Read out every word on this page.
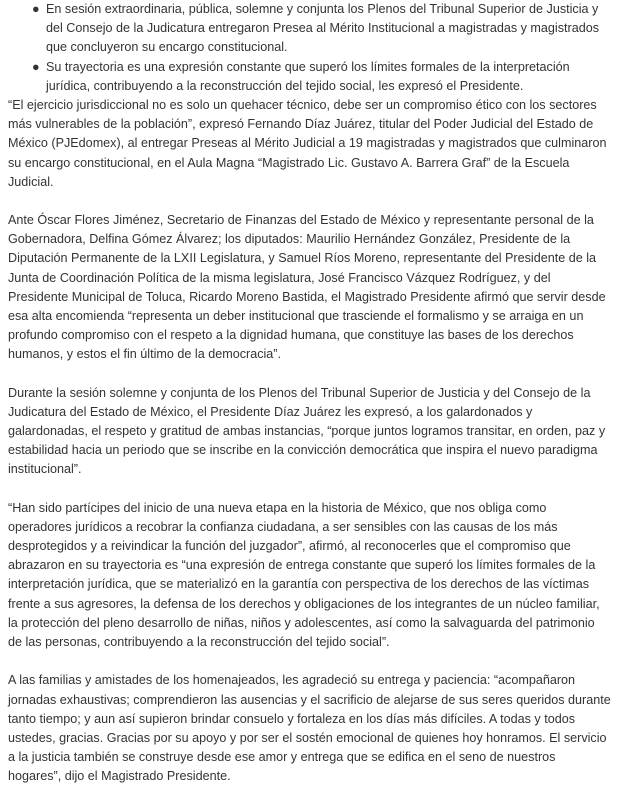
● En sesión extraordinaria, pública, solemne y conjunta los Plenos del Tribunal Superior de Justicia y del Consejo de la Judicatura entregaron Presea al Mérito Institucional a magistradas y magistrados que concluyeron su encargo constitucional.
● Su trayectoria es una expresión constante que superó los límites formales de la interpretación jurídica, contribuyendo a la reconstrucción del tejido social, les expresó el Presidente.

“El ejercicio jurisdiccional no es solo un quehacer técnico, debe ser un compromiso ético con los sectores más vulnerables de la población”, expresó Fernando Díaz Juárez, titular del Poder Judicial del Estado de México (PJEdomex), al entregar Preseas al Mérito Judicial a 19 magistradas y magistrados que culminaron su encargo constitucional, en el Aula Magna “Magistrado Lic. Gustavo A. Barrera Graf” de la Escuela Judicial.

Ante Óscar Flores Jiménez, Secretario de Finanzas del Estado de México y representante personal de la Gobernadora, Delfina Gómez Álvarez; los diputados: Maurilio Hernández González, Presidente de la Diputación Permanente de la LXII Legislatura, y Samuel Ríos Moreno, representante del Presidente de la Junta de Coordinación Política de la misma legislatura, José Francisco Vázquez Rodríguez, y del Presidente Municipal de Toluca, Ricardo Moreno Bastida, el Magistrado Presidente afirmó que servir desde esa alta encomienda “representa un deber institucional que trasciende el formalismo y se arraiga en un profundo compromiso con el respeto a la dignidad humana, que constituye las bases de los derechos humanos, y estos el fin último de la democracia”.

Durante la sesión solemne y conjunta de los Plenos del Tribunal Superior de Justicia y del Consejo de la Judicatura del Estado de México, el Presidente Díaz Juárez les expresó, a los galardonados y galardonadas, el respeto y gratitud de ambas instancias, “porque juntos logramos transitar, en orden, paz y estabilidad hacia un periodo que se inscribe en la convicción democrática que inspira el nuevo paradigma institucional”.

“Han sido partícipes del inicio de una nueva etapa en la historia de México, que nos obliga como operadores jurídicos a recobrar la confianza ciudadana, a ser sensibles con las causas de los más desprotegidos y a reivindicar la función del juzgador”, afirmó, al reconocerles que el compromiso que abrazaron en su trayectoria es “una expresión de entrega constante que superó los límites formales de la interpretación jurídica, que se materializó en la garantía con perspectiva de los derechos de las víctimas frente a sus agresores, la defensa de los derechos y obligaciones de los integrantes de un núcleo familiar, la protección del pleno desarrollo de niñas, niños y adolescentes, así como la salvaguarda del patrimonio de las personas, contribuyendo a la reconstrucción del tejido social”.

A las familias y amistades de los homenajeados, les agradeció su entrega y paciencia: “acompañaron jornadas exhaustivas; comprendieron las ausencias y el sacrificio de alejarse de sus seres queridos durante tanto tiempo; y aun así supieron brindar consuelo y fortaleza en los días más difíciles. A todas y todos ustedes, gracias. Gracias por su apoyo y por ser el sostén emocional de quienes hoy honramos. El servicio a la justicia también se construye desde ese amor y entrega que se edifica en el seno de nuestros hogares”, dijo el Magistrado Presidente.
